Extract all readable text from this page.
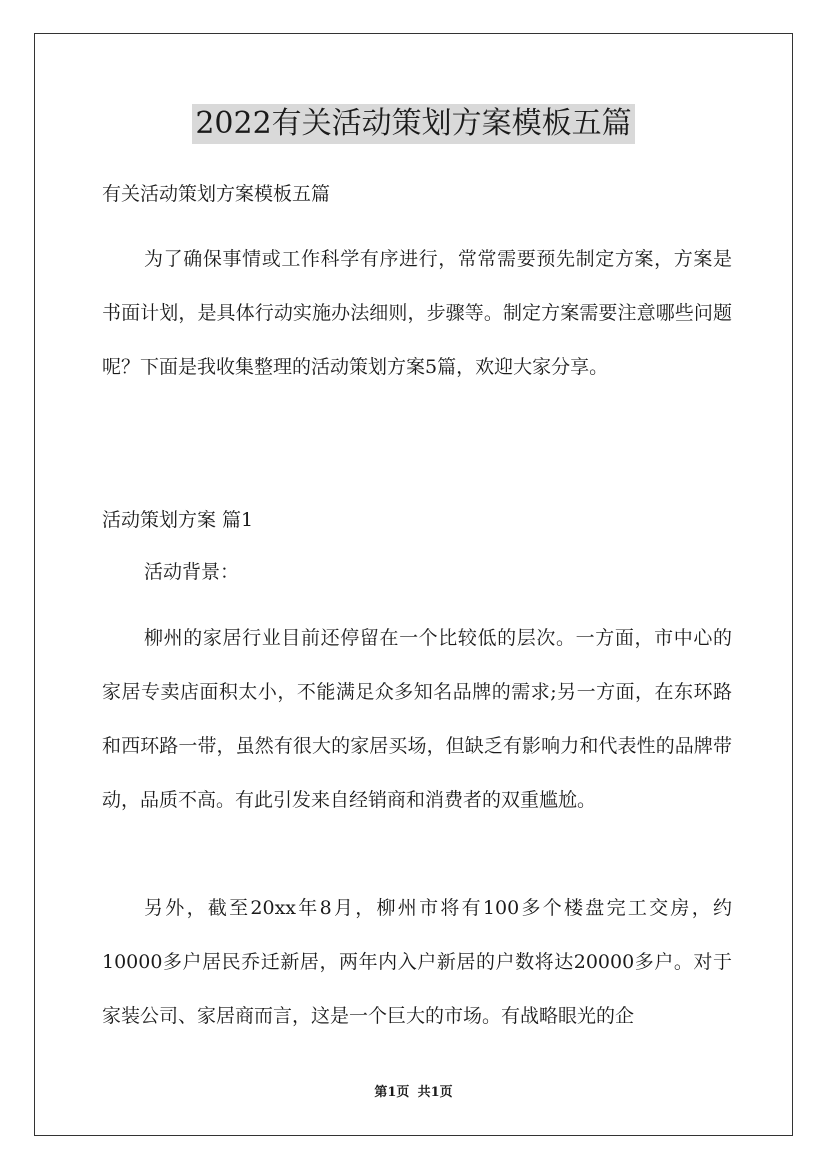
2022有关活动策划方案模板五篇

有关活动策划方案模板五篇

为了确保事情或工作科学有序进行，常常需要预先制定方案，方案是书面计划，是具体行动实施办法细则，步骤等。制定方案需要注意哪些问题呢？下面是我收集整理的活动策划方案5篇，欢迎大家分享。

活动策划方案 篇1

活动背景：

柳州的家居行业目前还停留在一个比较低的层次。一方面，市中心的家居专卖店面积太小，不能满足众多知名品牌的需求;另一方面，在东环路和西环路一带，虽然有很大的家居买场，但缺乏有影响力和代表性的品牌带动，品质不高。有此引发来自经销商和消费者的双重尴尬。

另外，截至20xx年8月，柳州市将有100多个楼盘完工交房，约10000多户居民乔迁新居，两年内入户新居的户数将达20000多户。对于家装公司、家居商而言，这是一个巨大的市场。有战略眼光的企

第1页 共1页
